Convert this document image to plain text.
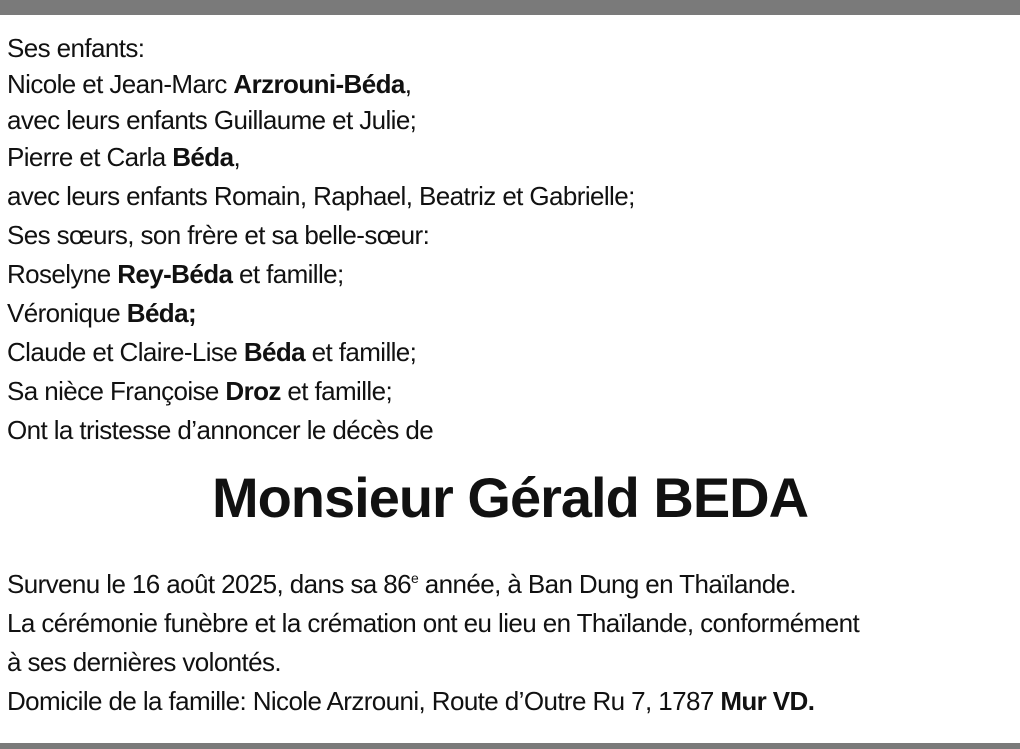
Ses enfants:
Nicole et Jean-Marc Arzrouni-Béda,
avec leurs enfants Guillaume et Julie;
Pierre et Carla Béda,
avec leurs enfants Romain, Raphael, Beatriz et Gabrielle;
Ses sœurs, son frère et sa belle-sœur:
Roselyne Rey-Béda et famille;
Véronique Béda;
Claude et Claire-Lise Béda et famille;
Sa nièce Françoise Droz et famille;
Ont la tristesse d’annoncer le décès de
Monsieur Gérald BEDA
Survenu le 16 août 2025, dans sa 86e année, à Ban Dung en Thaïlande.
La cérémonie funèbre et la crémation ont eu lieu en Thaïlande, conformément
à ses dernières volontés.
Domicile de la famille: Nicole Arzrouni, Route d’Outre Ru 7, 1787 Mur VD.
